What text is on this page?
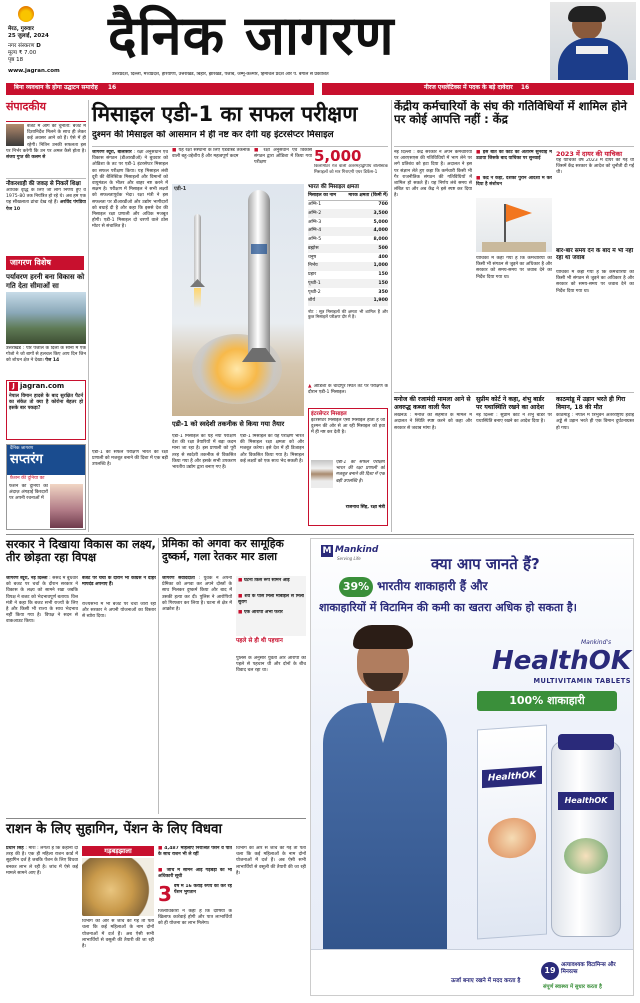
मेरठ, गुरुवार
25 जुलाई, 2024
नगर संस्करण D
मूल्य ₹ 7.00
पृष्ठ 18
www.jagran.com
दैनिक जागरण
उत्तरप्रदेश, दिल्ली, मध्यप्रदेश, हरियाणा, उत्तराखंड, बिहार, झारखंड, पंजाब, जम्मू-कश्मीर, हिमाचल प्रदेश और पं. बंगाल से प्रकाशित
बिना व्यवधान के होगा उद्घाटन समारोह 16	नीरज एथलेटिक्स में पदक के बड़े दावेदार 16
संपादकीय
बजट में आगे की चुनौती: बजट में दिशानिर्देश मिलने के साथ ही लेकर कई अवसर आने को हैं। ऐसे में ही रहेगी। नितिन उनकी सफलता इस पर निर्भर करेगी कि उन पर अमल कैसे होता है। संजय गुप्त की कलम से
नौकरशाही की जकड़ से निकलें शिक्षा
आर्थिक वृद्धि के लिए जो लोग निर्णय हुए वे 1975-80 तक नियंत्रित हो रहे थे। अब हम एक यह सीखलाता ढांचा देख रहे हैं। अरविंद पंगडिया पेज 10
जागरण विशेष
पर्यावरण हरनी बना विकास को गति देता सीमाओं सा
उत्तराखंड : पीर पंजाल के दिलों के सीनों में एक गोजो ने जो बागों से हलचल किए आप दिन जिन को शोधन क्षेत्र ने देखा। पेज 14
J jagran.com
नेपाल विमान हादसे के बाद सुरक्षित पैटर्न का संकेत तो क्या है कोरोना बेहतर हो इसके बार पकड़ा?
दैनिक जागरण
सप्तरंग
फ़ैशन की दुनिया का
फैशन की दुनिया का अंदाज़ अंगड़ाई किरदारों पर अपनी रचनाओं में
मिसाइल एडी-1 का सफल परीक्षण
दुश्मन की मिसाइल को आसमान में ही नष्ट कर देगी यह इंटरसेप्टर मिसाइल
■ यह रक्षा संस्थानों के लिए एडवांस्ड तकनीक वाली बहु-उद्देशीय है और महत्वपूर्ण कदम
■ रक्षा अनुसंधान एवं विकास संगठन द्वारा ओडिशा में किया गया परीक्षण	5,000
किलोमीटर रेंज वाली अंतरमहाद्वीपीय बैलिस्टिक मिसाइलों को मार गिराएगी एयर डिफेंस-1
जागरण ब्यूरो, बालासोर : रक्षा अनुसंधान एवं विकास संगठन (डीआरडीओ) ने बुधवार को ओडिशा के तट पर एडी-1 इंटरसेप्टर मिसाइल का सफल परीक्षण किया। यह मिसाइल लंबी दूरी की बैलिस्टिक मिसाइलों और विमानों को वायुमंडल के भीतर और बाहर नष्ट करने में सक्षम है। परीक्षण में मिसाइल ने सभी लक्ष्यों को सफलतापूर्वक भेदा। रक्षा मंत्री ने इस सफलता पर डीआरडीओ और उद्योग भागीदारों को बधाई दी है और कहा कि इससे देश की मिसाइल रक्षा प्रणाली और अधिक मजबूत होगी। एडी-1 मिसाइल दो चरणों वाले ठोस मोटर से संचालित है।
एडी-1	भारत की मिसाइल क्षमता
मिसाइल का नाम	मारक क्षमता (किमी में)
अग्नि-1	700
अग्नि-2	3,500
अग्नि-3	5,000
अग्नि-4	4,000
अग्नि-5	8,000
ब्रह्मोस	500
धनुष	400
निर्भय	1,000
प्रहार	150
पृथ्वी-1	150
पृथ्वी-2	350
शौर्य	1,900
नोट : सूत्र मिसाइलों की क्षमता भी शामिल हैं और कुछ मिसाइलें परीक्षण दौर में हैं।
▲ ओडिशा के चांदीपुर स्थित तट पर परीक्षण के दौरान एडी-1 मिसाइल।
एडी-1 को स्वदेशी तकनीक से किया गया तैयार
एडी-1 मिसाइल का यह नया परीक्षण देश की रक्षा तैयारियों में बड़ा कदम माना जा रहा है। इस प्रणाली को पूरी तरह से स्वदेशी तकनीक से विकसित किया गया है और इसके सभी उपकरण भारतीय उद्योग द्वारा बनाए गए हैं।
एडी-1 मिसाइल का यह परीक्षण भारत की मिसाइल रक्षा क्षमता को और मजबूत करेगा। इसे देश में ही डिजाइन और विकसित किया गया है। मिसाइल कई लक्ष्यों को एक साथ भेद सकती है।
एडी-1 का सफल परीक्षण भारत की रक्षा प्रणाली को मजबूत बनाने की दिशा में एक बड़ी उपलब्धि है।
इंटरसेप्टर मिसाइल
इंटरसेप्टर मिसाइल ऐसी मिसाइल होती है जो दुश्मन की ओर से आ रही मिसाइल को हवा में ही नष्ट कर देती है।
एडी-1 का सफल परीक्षण भारत की रक्षा प्रणाली को मजबूत बनाने की दिशा में एक बड़ी उपलब्धि है।
राजनाथ सिंह, रक्षा मंत्री
केंद्रीय कर्मचारियों के संघ की गतिविधियों में शामिल होने पर कोई आपत्ति नहीं : केंद्र
नई दिल्ली : केंद्र सरकार ने अपने कर्मचारियों पर आरएसएस की गतिविधियों में भाग लेने पर लगे प्रतिबंध को हटा दिया है। अदालत ने इस पर संज्ञान लेते हुए कहा कि कर्मचारी किसी भी गैर राजनीतिक संगठन की गतिविधियों में शामिल हो सकते हैं। यह निर्णय लंबे समय से लंबित था और अब केंद्र ने इसे स्पष्ट कर दिया है।
■ इस बात को कोर्ट की अंतरिम सुनवाई में उठाया जिसके बाद याचिका पर सुनवाई
■ केंद्र ने कहा, दशकों पुराने आदेशों में कर दिया है संशोधन
याचिका में कहा गया है कि कर्मचारियों को किसी भी संगठन से जुड़ने का अधिकार है और सरकार को समय-समय पर जवाब देने का निर्देश दिया गया था।
2023 में दायर की याचिका
यह याचिका वर्ष 2023 में दायर की गई थी जिसमें केंद्र सरकार के आदेश को चुनौती दी गई थी।
बार-बार समय देने के बाद में भी नहीं रहा था जवाब
याचिका में कहा गया है कि कर्मचारियों को किसी भी संगठन से जुड़ने का अधिकार है और सरकार को समय-समय पर जवाब देने का निर्देश दिया गया था।
मनोज की रजामंदी मामला आने से अवरुद्ध कब्जा वाली फैल
लखनऊ : मनोज की सहमति के मामले में अदालत ने स्थिति स्पष्ट करने को कहा और सरकार से जवाब मांगा है।
सुप्रीम कोर्ट ने कहा, शंभु बार्डर पर यथास्थिति रखने का आदेश
नई दिल्ली : सुप्रीम कोर्ट ने शंभु बॉर्डर पर यथास्थिति बनाए रखने का आदेश दिया है।
काठमांडू में उड़ान भरते ही गिरा विमान, 18 की मौत
काठमांडू : नेपाल में त्रिभुवन अंतरराष्ट्रीय हवाई अड्डे से उड़ान भरते ही एक विमान दुर्घटनाग्रस्त हो गया।
सरकार ने दिखाया विकास का लक्ष्य, तीर छोड़ता रहा विपक्ष
जागरण ब्यूरो, नई दिल्ली : संसद में बुधवार को बजट पर चर्चा के दौरान सरकार ने विकास के लक्ष्य को सामने रखा जबकि विपक्ष ने बजट को भेदभावपूर्ण बताया। वित्त मंत्री ने कहा कि बजट सभी राज्यों के लिए है और किसी भी राज्य के साथ भेदभाव नहीं किया गया है। विपक्ष ने सदन से वाकआउट किया।
बजट पर चर्चा के दौरान भी कांग्रेस ने दोहरे मापदंड अपनाए हैं।
राज्यसभा में भी बजट पर चर्चा जारी रही और सरकार ने अपनी योजनाओं का विस्तार से ब्योरा दिया।
प्रेमिका को अगवा कर सामूहिक दुष्कर्म, गला रेतकर मार डाला
जागरण संवाददाता : युवक ने अपनी प्रेमिका को अगवा कर अपने दोस्तों के साथ मिलकर दुष्कर्म किया और बाद में उसकी हत्या कर दी। पुलिस ने आरोपियों को गिरफ्तार कर लिया है। घटना से क्षेत्र में आक्रोश है।
■ घटना किस रूप सामने आई
■ शव के पास मिला मोबाइल से मिला सुराग
■ एक आरोपी अभी फरार
पहले से ही थी पहचान
पुलिस के अनुसार युवती और आरोपी की पहले से पहचान थी और दोनों के बीच विवाद चल रहा था।
M Mankind
Serving Life	क्या आप जानते हैं?
39% भारतीय शाकाहारी हैं और
शाकाहारियों में विटामिन की कमी का खतरा अधिक हो सकता है।
Mankind's
HealthOK
MULTIVITAMIN TABLETS
100% शाकाहारी
HealthOK
HealthOK
ऊर्जा बनाए रखने में मदद करता है
19
अत्यावश्यक विटामिन्स और मिनरल्स
संपूर्ण स्वास्थ्य में सुधार करता है
राशन के लिए सुहागिन, पेंशन के लिए विधवा
प्रधान सिंह : मीरा : लगता है कि कहानी दो तरह की है। एक ही महिला राशन कार्ड में सुहागिन दर्ज है जबकि पेंशन के लिए विधवा बनकर लाभ ले रही है। जांच में ऐसे कई मामले सामने आए हैं।
गड़बड़झाला
विभाग की ओर से जांच की गई तो पता चला कि कई महिलाओं के नाम दोनों योजनाओं में दर्ज हैं। अब ऐसी सभी लाभार्थियों से वसूली की तैयारी की जा रही है।
■ 4,487 महिलाएं निराश्रित पेंशन व पति के साथ राशन भी ले रहीं
■ जांच में सामने आई गड़बड़ी की भी अधिकारी सूची
3 वर्ष में 16 करोड़ रुपये की कर रहे पेंशन भुगतान
जिलाधिकारी ने कहा है कि दोषियों के खिलाफ कार्रवाई होगी और पात्र लाभार्थियों को ही योजना का लाभ मिलेगा।
विभाग की ओर से जांच की गई तो पता चला कि कई महिलाओं के नाम दोनों योजनाओं में दर्ज हैं। अब ऐसी सभी लाभार्थियों से वसूली की तैयारी की जा रही है।
